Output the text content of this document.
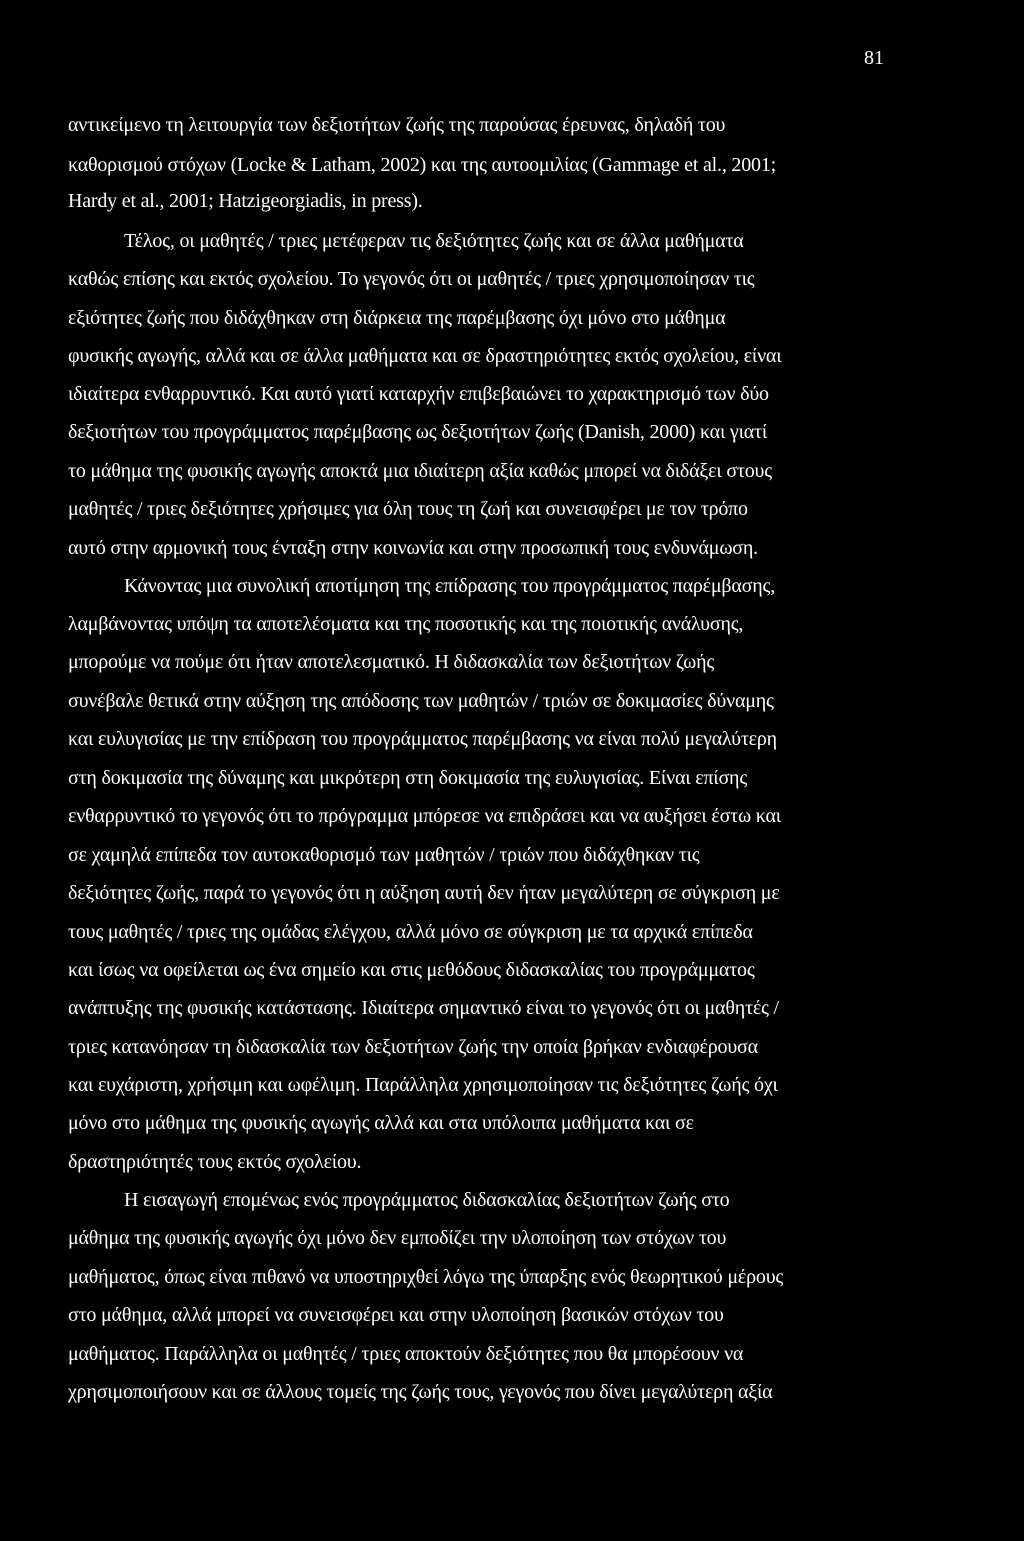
81
αντικείμενο τη λειτουργία των δεξιοτήτων ζωής της παρούσας έρευνας, δηλαδή του
καθορισμού στόχων (Locke & Latham, 2002) και της αυτοομιλίας (Gammage et al., 2001;
Hardy et al., 2001; Hatzigeorgiadis, in press).
Τέλος, οι μαθητές / τριες μετέφεραν τις δεξιότητες ζωής και σε άλλα μαθήματα
καθώς επίσης και εκτός σχολείου. Το γεγονός ότι οι μαθητές / τριες χρησιμοποίησαν τις
εξιότητες ζωής που διδάχθηκαν στη διάρκεια της παρέμβασης όχι μόνο στο μάθημα
φυσικής αγωγής, αλλά και σε άλλα μαθήματα και σε δραστηριότητες εκτός σχολείου, είναι
ιδιαίτερα ενθαρρυντικό. Και αυτό γιατί καταρχήν επιβεβαιώνει το χαρακτηρισμό των δύο
δεξιοτήτων του προγράμματος παρέμβασης ως δεξιοτήτων ζωής (Danish, 2000) και γιατί
το μάθημα της φυσικής αγωγής αποκτά μια ιδιαίτερη αξία καθώς μπορεί να διδάξει στους
μαθητές / τριες δεξιότητες χρήσιμες για όλη τους τη ζωή και συνεισφέρει με τον τρόπο
αυτό στην αρμονική τους ένταξη στην κοινωνία και στην προσωπική τους ενδυνάμωση.
Κάνοντας μια συνολική αποτίμηση της επίδρασης του προγράμματος παρέμβασης,
λαμβάνοντας υπόψη τα αποτελέσματα και της ποσοτικής και της ποιοτικής ανάλυσης,
μπορούμε να πούμε ότι ήταν αποτελεσματικό. Η διδασκαλία των δεξιοτήτων ζωής
συνέβαλε θετικά στην αύξηση της απόδοσης των μαθητών / τριών σε δοκιμασίες δύναμης
και ευλυγισίας με την επίδραση του προγράμματος παρέμβασης να είναι πολύ μεγαλύτερη
στη δοκιμασία της δύναμης και μικρότερη στη δοκιμασία της ευλυγισίας. Είναι επίσης
ενθαρρυντικό το γεγονός ότι το πρόγραμμα μπόρεσε να επιδράσει και να αυξήσει έστω και
σε χαμηλά επίπεδα τον αυτοκαθορισμό των μαθητών / τριών που διδάχθηκαν τις
δεξιότητες ζωής, παρά το γεγονός ότι η αύξηση αυτή δεν ήταν μεγαλύτερη σε σύγκριση με
τους μαθητές / τριες της ομάδας ελέγχου, αλλά μόνο σε σύγκριση με τα αρχικά επίπεδα
και ίσως να οφείλεται ως ένα σημείο και στις μεθόδους διδασκαλίας του προγράμματος
ανάπτυξης της φυσικής κατάστασης. Ιδιαίτερα σημαντικό είναι το γεγονός ότι οι μαθητές /
τριες κατανόησαν τη διδασκαλία των δεξιοτήτων ζωής την οποία βρήκαν ενδιαφέρουσα
και ευχάριστη, χρήσιμη και ωφέλιμη. Παράλληλα χρησιμοποίησαν τις δεξιότητες ζωής όχι
μόνο στο μάθημα της φυσικής αγωγής αλλά και στα υπόλοιπα μαθήματα και σε
δραστηριότητές τους εκτός σχολείου.
Η εισαγωγή επομένως ενός προγράμματος διδασκαλίας δεξιοτήτων ζωής στο
μάθημα της φυσικής αγωγής όχι μόνο δεν εμποδίζει την υλοποίηση των στόχων του
μαθήματος, όπως είναι πιθανό να υποστηριχθεί λόγω της ύπαρξης ενός θεωρητικού μέρους
στο μάθημα, αλλά μπορεί να συνεισφέρει και στην υλοποίηση βασικών στόχων του
μαθήματος. Παράλληλα οι μαθητές / τριες αποκτούν δεξιότητες που θα μπορέσουν να
χρησιμοποιήσουν και σε άλλους τομείς της ζωής τους, γεγονός που δίνει μεγαλύτερη αξία
